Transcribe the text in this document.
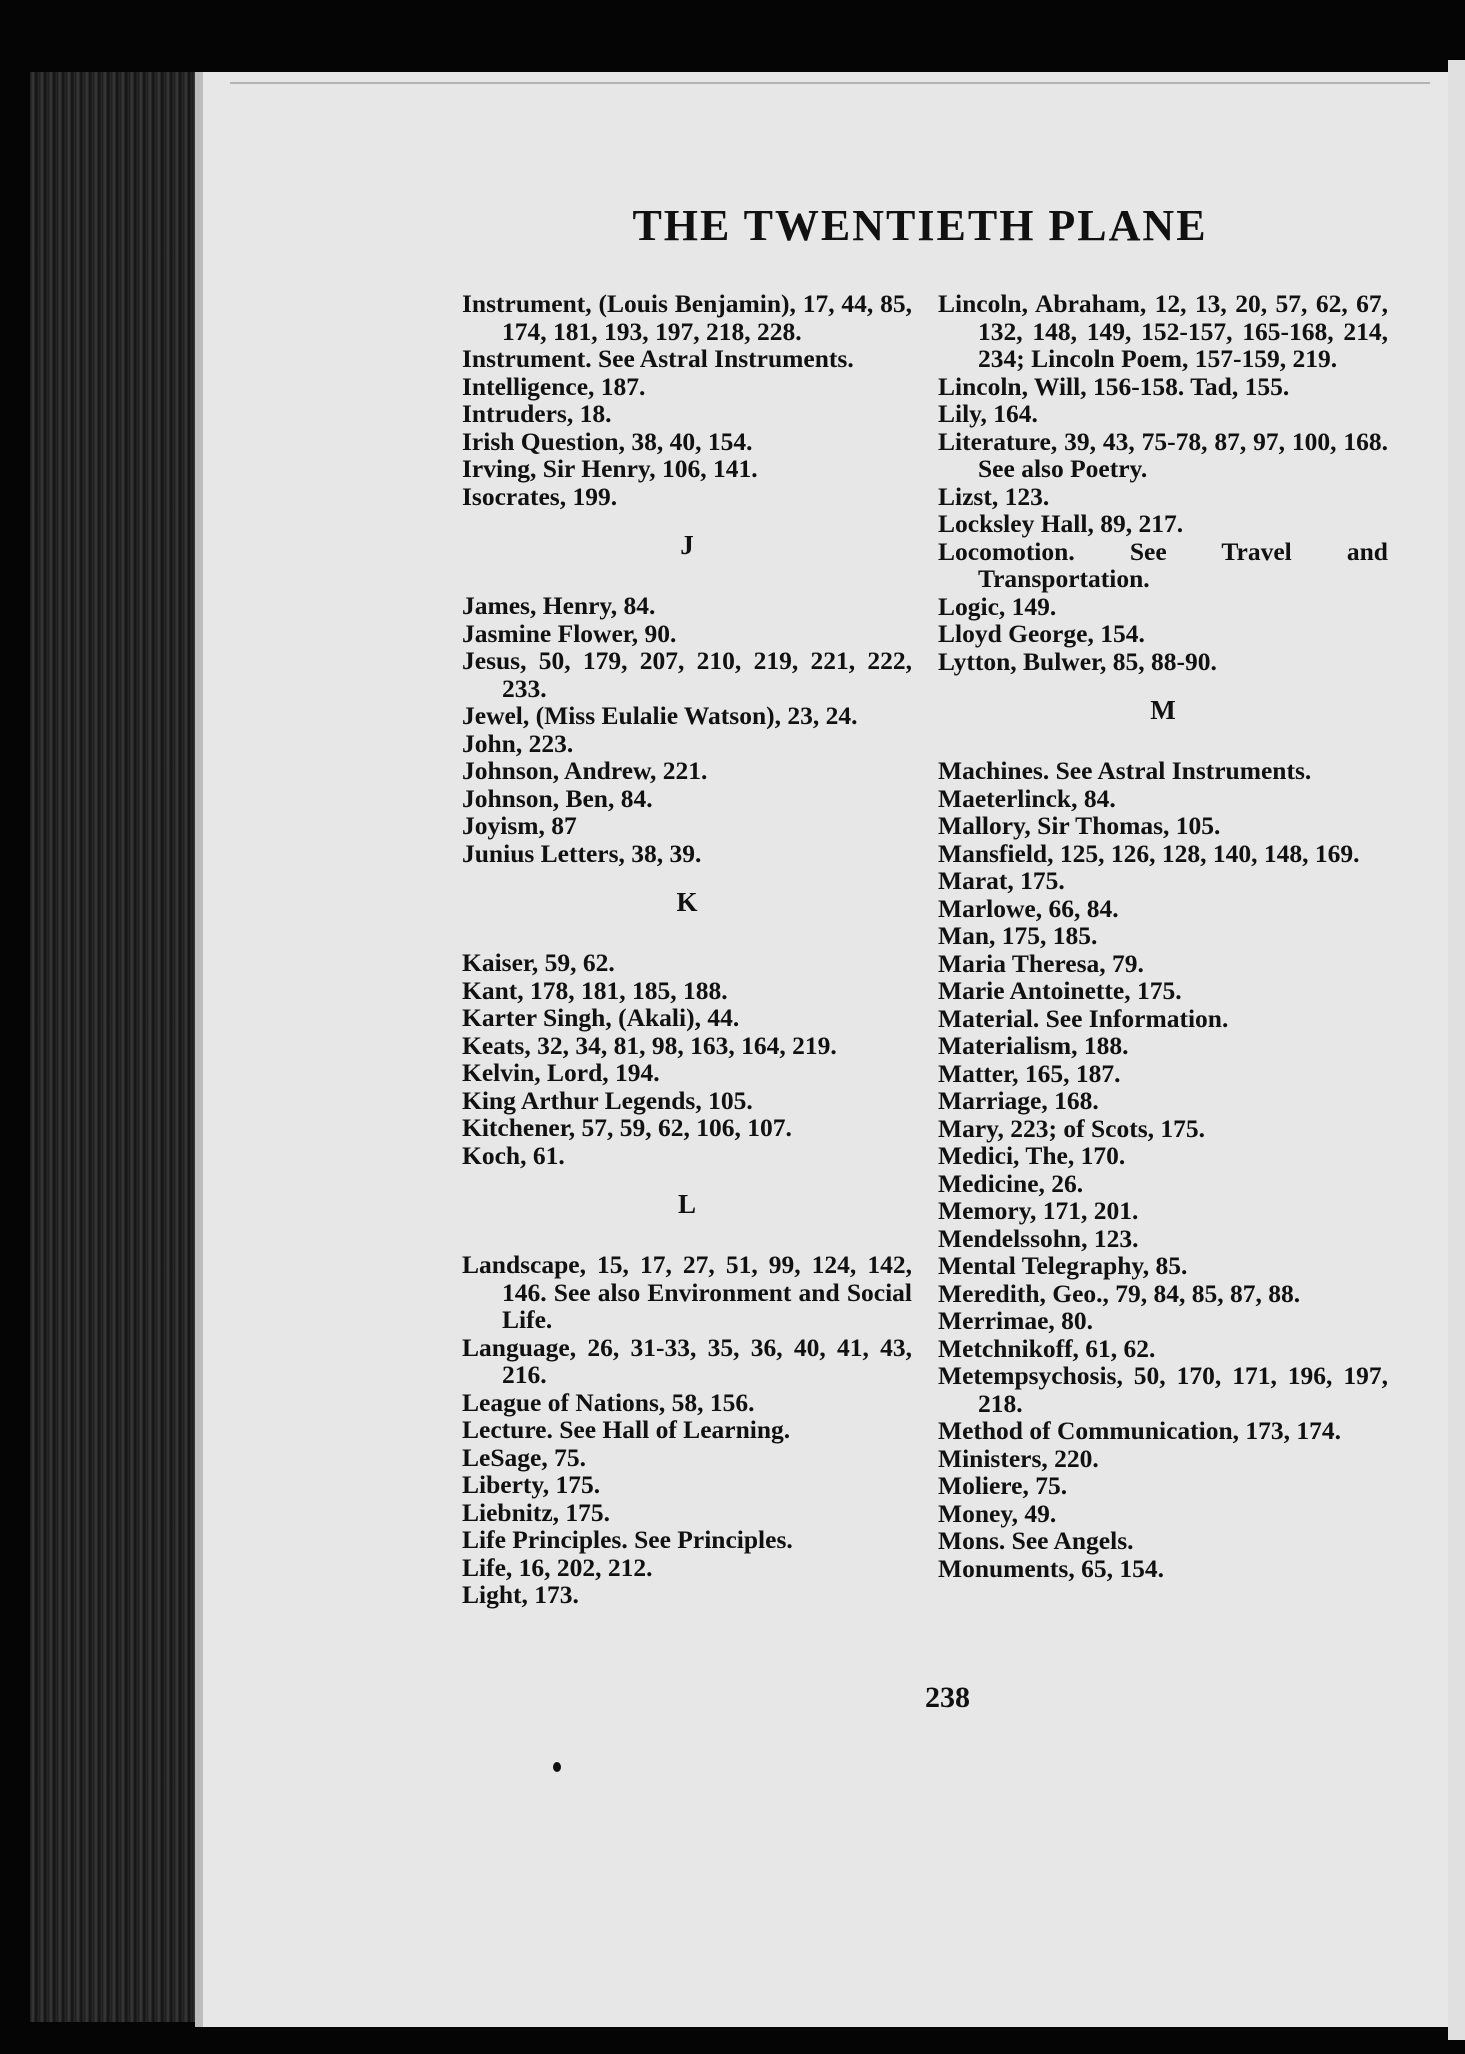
THE TWENTIETH PLANE
Instrument, (Louis Benjamin), 17, 44, 85, 174, 181, 193, 197, 218, 228.
Instrument. See Astral Instruments.
Intelligence, 187.
Intruders, 18.
Irish Question, 38, 40, 154.
Irving, Sir Henry, 106, 141.
Isocrates, 199.
J
James, Henry, 84.
Jasmine Flower, 90.
Jesus, 50, 179, 207, 210, 219, 221, 222, 233.
Jewel, (Miss Eulalie Watson), 23, 24.
John, 223.
Johnson, Andrew, 221.
Johnson, Ben, 84.
Joyism, 87
Junius Letters, 38, 39.
K
Kaiser, 59, 62.
Kant, 178, 181, 185, 188.
Karter Singh, (Akali), 44.
Keats, 32, 34, 81, 98, 163, 164, 219.
Kelvin, Lord, 194.
King Arthur Legends, 105.
Kitchener, 57, 59, 62, 106, 107.
Koch, 61.
L
Landscape, 15, 17, 27, 51, 99, 124, 142, 146. See also Environment and Social Life.
Language, 26, 31-33, 35, 36, 40, 41, 43, 216.
League of Nations, 58, 156.
Lecture. See Hall of Learning.
LeSage, 75.
Liberty, 175.
Liebnitz, 175.
Life Principles. See Principles.
Life, 16, 202, 212.
Light, 173.
Lincoln, Abraham, 12, 13, 20, 57, 62, 67, 132, 148, 149, 152-157, 165-168, 214, 234; Lincoln Poem, 157-159, 219.
Lincoln, Will, 156-158. Tad, 155.
Lily, 164.
Literature, 39, 43, 75-78, 87, 97, 100, 168. See also Poetry.
Lizst, 123.
Locksley Hall, 89, 217.
Locomotion. See Travel and Transportation.
Logic, 149.
Lloyd George, 154.
Lytton, Bulwer, 85, 88-90.
M
Machines. See Astral Instruments.
Maeterlinck, 84.
Mallory, Sir Thomas, 105.
Mansfield, 125, 126, 128, 140, 148, 169.
Marat, 175.
Marlowe, 66, 84.
Man, 175, 185.
Maria Theresa, 79.
Marie Antoinette, 175.
Material. See Information.
Materialism, 188.
Matter, 165, 187.
Marriage, 168.
Mary, 223; of Scots, 175.
Medici, The, 170.
Medicine, 26.
Memory, 171, 201.
Mendelssohn, 123.
Mental Telegraphy, 85.
Meredith, Geo., 79, 84, 85, 87, 88.
Merrimae, 80.
Metchnikoff, 61, 62.
Metempsychosis, 50, 170, 171, 196, 197, 218.
Method of Communication, 173, 174.
Ministers, 220.
Moliere, 75.
Money, 49.
Mons. See Angels.
Monuments, 65, 154.
238
